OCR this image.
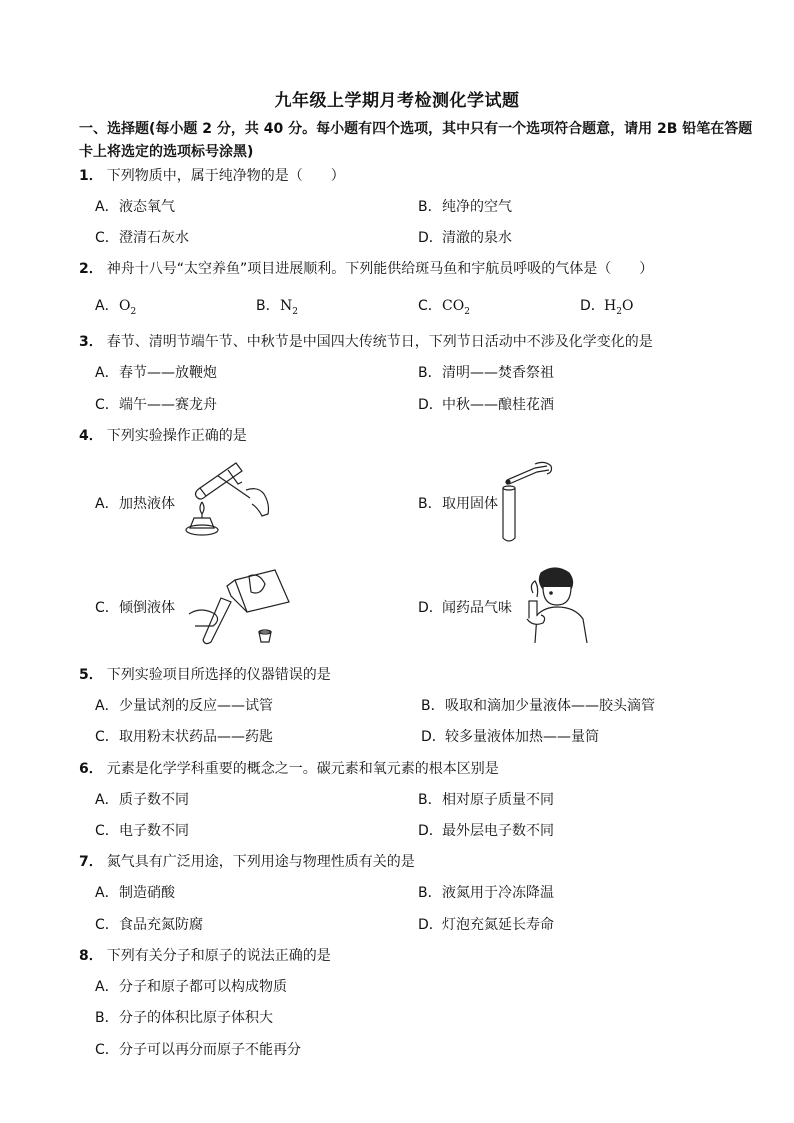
九年级上学期月考检测化学试题
一、选择题(每小题 2 分，共 40 分。每小题有四个选项，其中只有一个选项符合题意，请用 2B 铅笔在答题卡上将选定的选项标号涂黑)
1． 下列物质中，属于纯净物的是（　　）
A．液态氧气	B．纯净的空气
C．澄清石灰水	D．清澈的泉水
2． 神舟十八号“太空养鱼”项目进展顺利。下列能供给斑马鱼和宇航员呼吸的气体是（　　）
A．$O_2$	B．$N_2$	C．$CO_2$	D．$H_2O$
3． 春节、清明节端午节、中秋节是中国四大传统节日，下列节日活动中不涉及化学变化的是
A．春节——放鞭炮	B．清明——焚香祭祖
C．端午——赛龙舟	D．中秋——酿桂花酒
4． 下列实验操作正确的是
A．加热液体	B．取用固体
C．倾倒液体	D．闻药品气味
5． 下列实验项目所选择的仪器错误的是
A．少量试剂的反应——试管	B．吸取和滴加少量液体——胶头滴管
C．取用粉末状药品——药匙	D．较多量液体加热——量筒
6． 元素是化学学科重要的概念之一。碳元素和氧元素的根本区别是
A．质子数不同	B．相对原子质量不同
C．电子数不同	D．最外层电子数不同
7． 氮气具有广泛用途，下列用途与物理性质有关的是
A．制造硝酸	B．液氮用于冷冻降温
C．食品充氮防腐	D．灯泡充氮延长寿命
8． 下列有关分子和原子的说法正确的是
A．分子和原子都可以构成物质
B．分子的体积比原子体积大
C．分子可以再分而原子不能再分
